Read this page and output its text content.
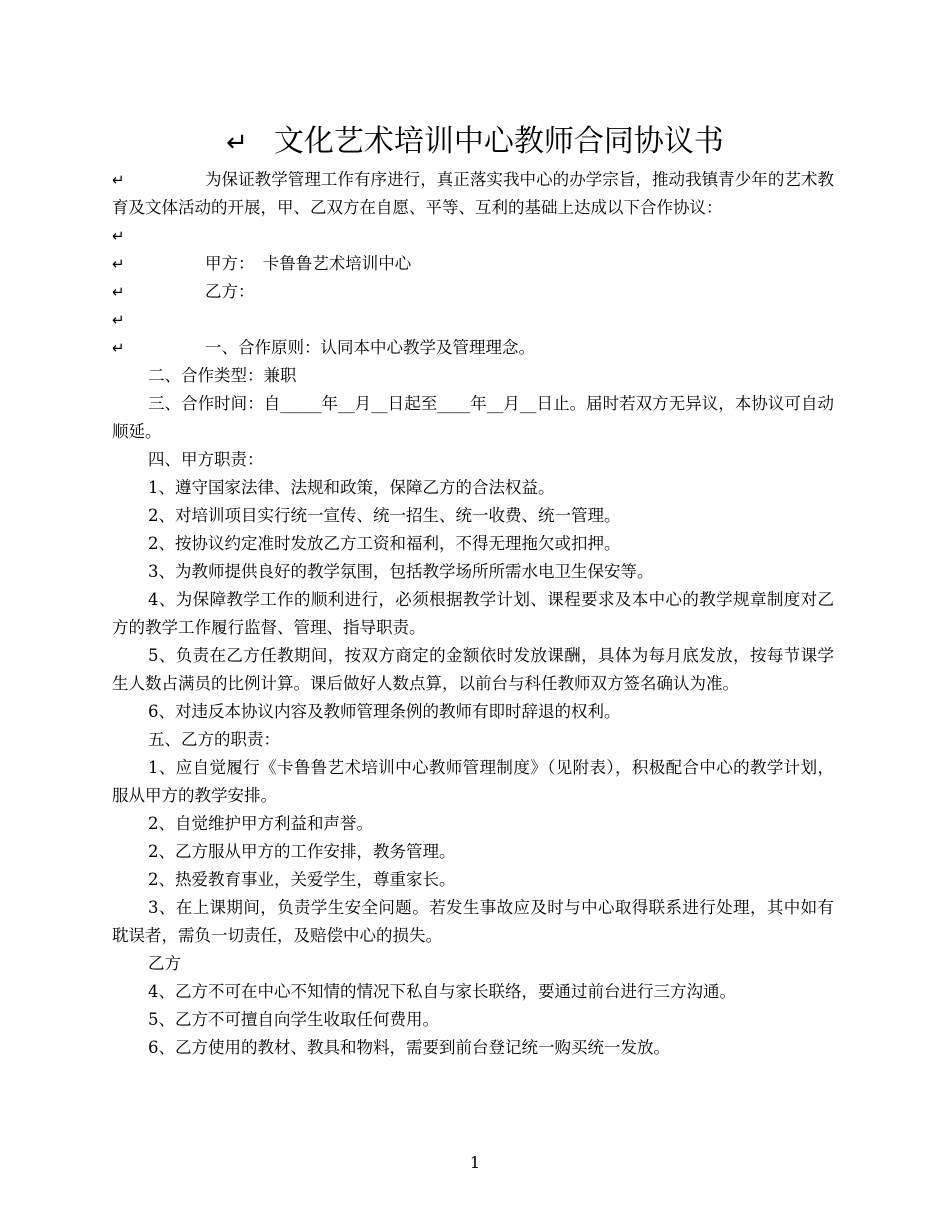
↵ 文化艺术培训中心教师合同协议书
↵	为保证教学管理工作有序进行，真正落实我中心的办学宗旨，推动我镇青少年的艺术教育及文体活动的开展，甲、乙双方在自愿、平等、互利的基础上达成以下合作协议：
↵

↵	甲方：　卡鲁鲁艺术培训中心
↵	乙方：
↵

↵	一、合作原则：认同本中心教学及管理理念。

二、合作类型：兼职

三、合作时间：自_____年__月__日起至____年__月__日止。届时若双方无异议，本协议可自动顺延。

四、甲方职责：

1、遵守国家法律、法规和政策，保障乙方的合法权益。

2、对培训项目实行统一宣传、统一招生、统一收费、统一管理。

2、按协议约定准时发放乙方工资和福利，不得无理拖欠或扣押。

3、为教师提供良好的教学氛围，包括教学场所所需水电卫生保安等。

4、为保障教学工作的顺利进行，必须根据教学计划、课程要求及本中心的教学规章制度对乙方的教学工作履行监督、管理、指导职责。

5、负责在乙方任教期间，按双方商定的金额依时发放课酬，具体为每月底发放，按每节课学生人数占满员的比例计算。课后做好人数点算，以前台与科任教师双方签名确认为准。

6、对违反本协议内容及教师管理条例的教师有即时辞退的权利。

五、乙方的职责：

1、应自觉履行《卡鲁鲁艺术培训中心教师管理制度》（见附表），积极配合中心的教学计划，服从甲方的教学安排。

2、自觉维护甲方利益和声誉。

2、乙方服从甲方的工作安排，教务管理。

2、热爱教育事业，关爱学生，尊重家长。

3、在上课期间，负责学生安全问题。若发生事故应及时与中心取得联系进行处理，其中如有耽误者，需负一切责任，及赔偿中心的损失。

乙方

4、乙方不可在中心不知情的情况下私自与家长联络，要通过前台进行三方沟通。

5、乙方不可擅自向学生收取任何费用。

6、乙方使用的教材、教具和物料，需要到前台登记统一购买统一发放。

1
